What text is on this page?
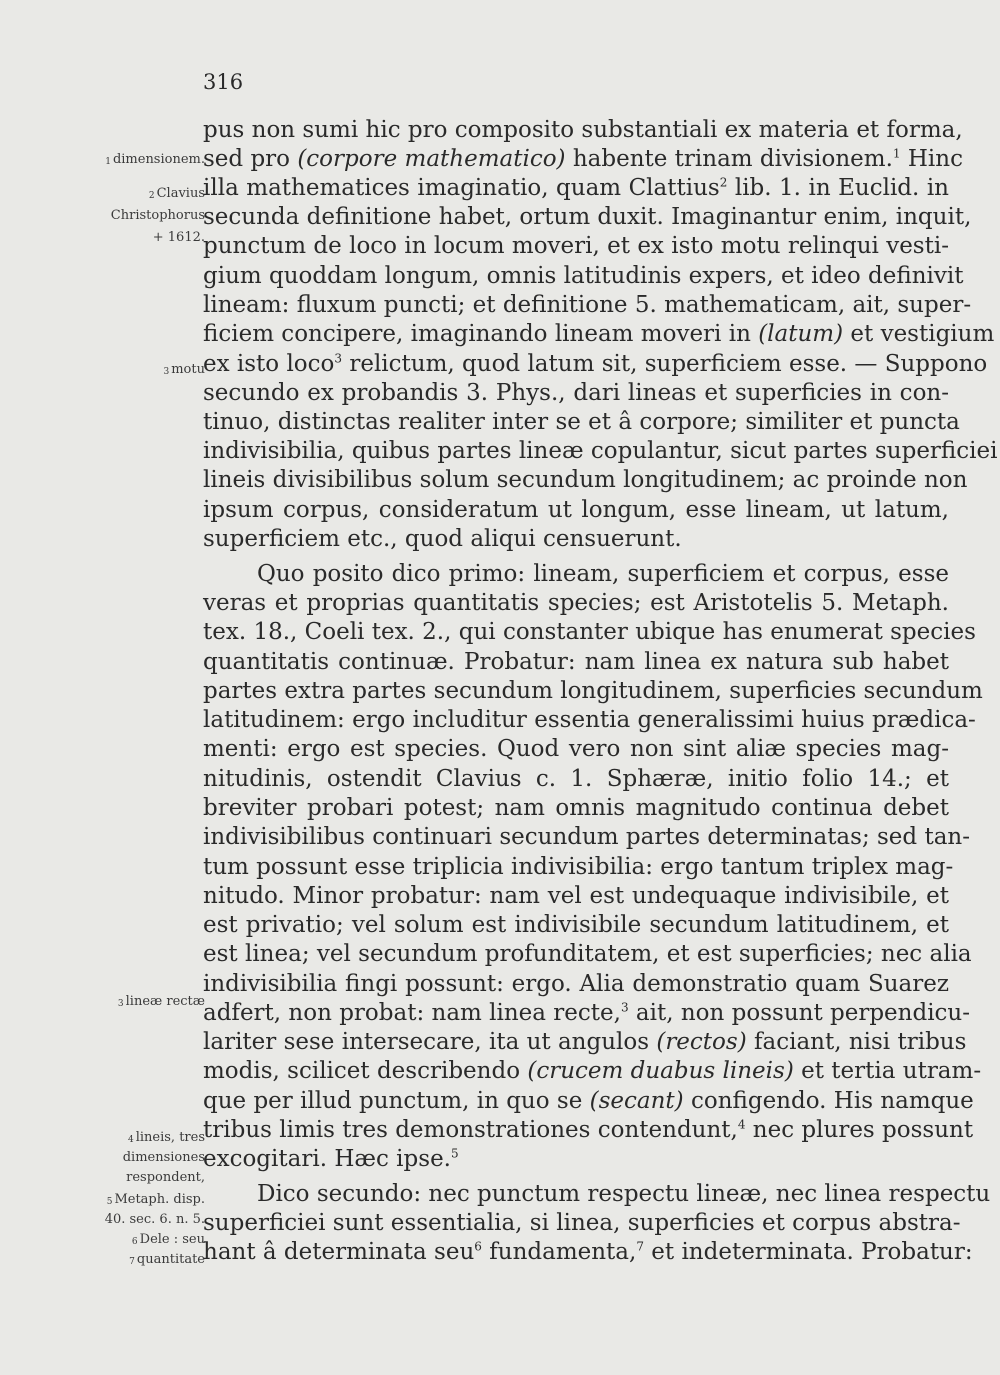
316
$^1$ dimensionem.
$^2$ Clavius
Christophorus
+ 1612.
$^3$ motu
$^3$ lineæ rectæ
$^4$ lineis, tres
dimensiones
respondent,
$^5$ Metaph. disp.
40. sec. 6. n. 5.
$^6$ Dele : seu
$^7$ quantitate
pus non sumi hic pro composito substantiali ex materia et forma,
sed pro (corpore mathematico) habente trinam divisionem.$^1$ Hinc
illa mathematices imaginatio, quam Clattius$^2$ lib. 1. in Euclid. in
secunda definitione habet, ortum duxit. Imaginantur enim, inquit,
punctum de loco in locum moveri, et ex isto motu relinqui vesti-
gium quoddam longum, omnis latitudinis expers, et ideo definivit
lineam: fluxum puncti; et definitione 5. mathematicam, ait, super-
ficiem concipere, imaginando lineam moveri in (latum) et vestigium
ex isto loco$^3$ relictum, quod latum sit, superficiem esse. — Suppono
secundo ex probandis 3. Phys., dari lineas et superficies in con-
tinuo, distinctas realiter inter se et â corpore; similiter et puncta
indivisibilia, quibus partes lineæ copulantur, sicut partes superficiei
lineis divisibilibus solum secundum longitudinem; ac proinde non
ipsum corpus, consideratum ut longum, esse lineam, ut latum,
superficiem etc., quod aliqui censuerunt.
Quo posito dico primo: lineam, superficiem et corpus, esse
veras et proprias quantitatis species; est Aristotelis 5. Metaph.
tex. 18., Coeli tex. 2., qui constanter ubique has enumerat species
quantitatis continuæ. Probatur: nam linea ex natura sub habet
partes extra partes secundum longitudinem, superficies secundum
latitudinem: ergo includitur essentia generalissimi huius prædica-
menti: ergo est species. Quod vero non sint aliæ species mag-
nitudinis, ostendit Clavius c. 1. Sphæræ, initio folio 14.; et
breviter probari potest; nam omnis magnitudo continua debet
indivisibilibus continuari secundum partes determinatas; sed tan-
tum possunt esse triplicia indivisibilia: ergo tantum triplex mag-
nitudo. Minor probatur: nam vel est undequaque indivisibile, et
est privatio; vel solum est indivisibile secundum latitudinem, et
est linea; vel secundum profunditatem, et est superficies; nec alia
indivisibilia fingi possunt: ergo. Alia demonstratio quam Suarez
adfert, non probat: nam linea recte,$^3$ ait, non possunt perpendicu-
lariter sese intersecare, ita ut angulos (rectos) faciant, nisi tribus
modis, scilicet describendo (crucem duabus lineis) et tertia utram-
que per illud punctum, in quo se (secant) configendo. His namque
tribus limis tres demonstrationes contendunt,$^4$ nec plures possunt
excogitari. Hæc ipse.$^5$
Dico secundo: nec punctum respectu lineæ, nec linea respectu
superficiei sunt essentialia, si linea, superficies et corpus abstra-
hant â determinata seu$^6$ fundamenta,$^7$ et indeterminata. Probatur:
